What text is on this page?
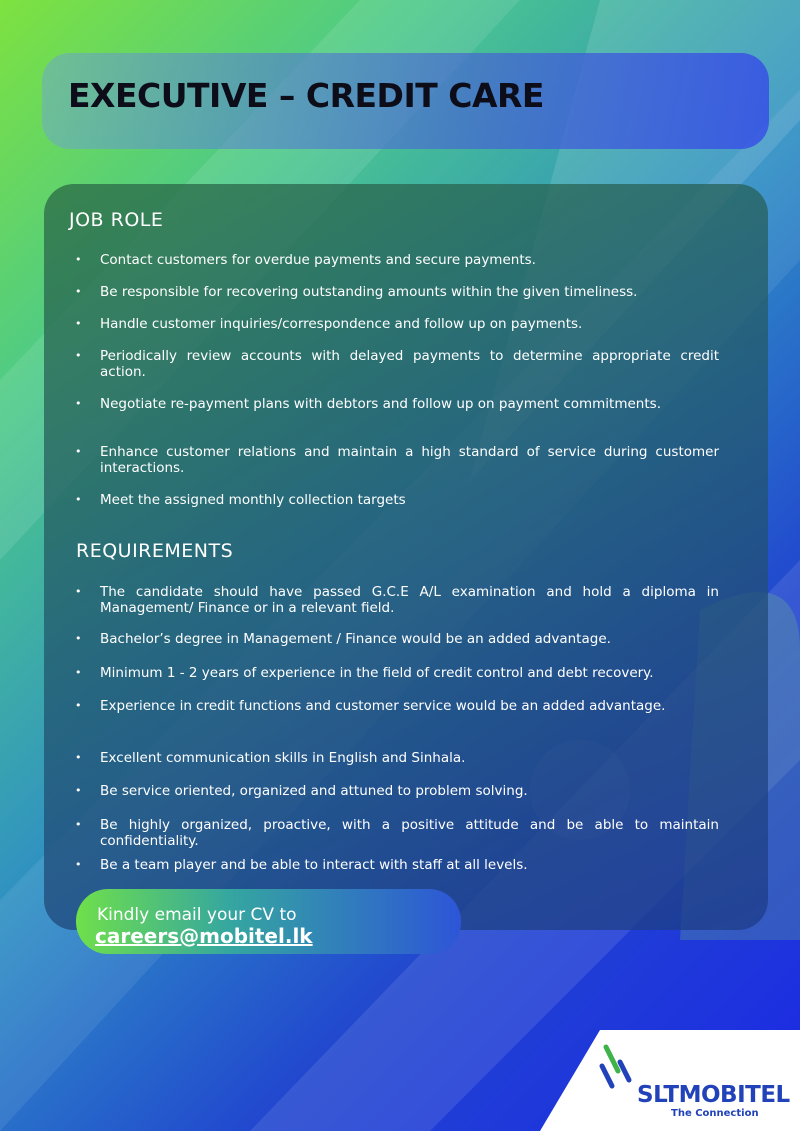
EXECUTIVE – CREDIT CARE
JOB ROLE
• Contact customers for overdue payments and secure payments.
• Be responsible for recovering outstanding amounts within the given timeliness.
• Handle customer inquiries/correspondence and follow up on payments.
• Periodically review accounts with delayed payments to determine appropriate credit action.
• Negotiate re-payment plans with debtors and follow up on payment commitments.
• Enhance customer relations and maintain a high standard of service during customer interactions.
• Meet the assigned monthly collection targets
REQUIREMENTS
• The candidate should have passed G.C.E A/L examination and hold a diploma in Management/ Finance or in a relevant field.
• Bachelor’s degree in Management / Finance would be an added advantage.
• Minimum 1 - 2 years of experience in the field of credit control and debt recovery.
• Experience in credit functions and customer service would be an added advantage.
• Excellent communication skills in English and Sinhala.
• Be service oriented, organized and attuned to problem solving.
• Be highly organized, proactive, with a positive attitude and be able to maintain confidentiality.
• Be a team player and be able to interact with staff at all levels.
Kindly email your CV to
careers@mobitel.lk
SLTMOBITEL
The Connection
